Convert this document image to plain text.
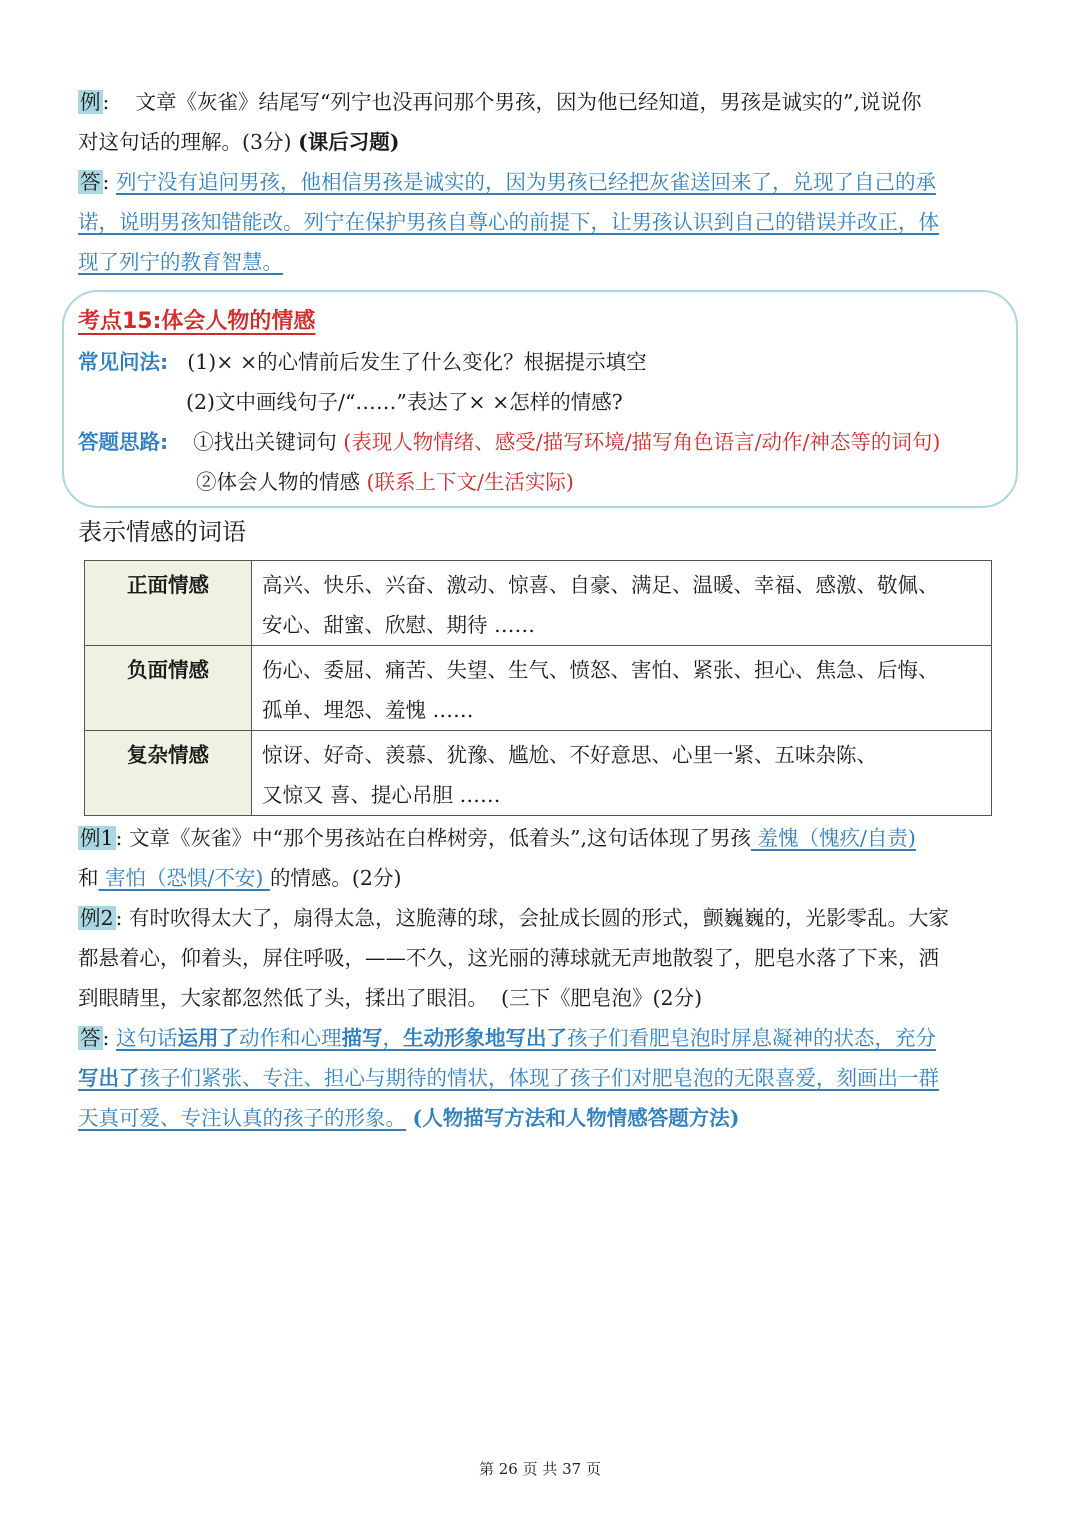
例: 文章《灰雀》结尾写“列宁也没再问那个男孩，因为他已经知道，男孩是诚实的”,说说你
对这句话的理解。(3分) (课后习题)
答: 列宁没有追问男孩，他相信男孩是诚实的，因为男孩已经把灰雀送回来了，兑现了自己的承
诺，说明男孩知错能改。列宁在保护男孩自尊心的前提下，让男孩认识到自己的错误并改正，体
现了列宁的教育智慧。
考点15:体会人物的情感
常见问法: (1)× ×的心情前后发生了什么变化？根据提示填空
(2)文中画线句子/“……”表达了× ×怎样的情感?
答题思路: ①找出关键词句 (表现人物情绪、感受/描写环境/描写角色语言/动作/神态等的词句)
②体会人物的情感 (联系上下文/生活实际)
表示情感的词语
正面情感	高兴、快乐、兴奋、激动、惊喜、自豪、满足、温暖、幸福、感激、敬佩、
安心、甜蜜、欣慰、期待 ……

负面情感	伤心、委屈、痛苦、失望、生气、愤怒、害怕、紧张、担心、焦急、后悔、
孤单、埋怨、羞愧 ……

复杂情感	惊讶、好奇、羡慕、犹豫、尴尬、不好意思、心里一紧、五味杂陈、
又惊又 喜、提心吊胆 ……
例1: 文章《灰雀》中“那个男孩站在白桦树旁，低着头”,这句话体现了男孩 羞愧（愧疚/自责)
和 害怕（恐惧/不安) 的情感。(2分)
例2: 有时吹得太大了，扇得太急，这脆薄的球，会扯成长圆的形式，颤巍巍的，光影零乱。大家
都悬着心，仰着头，屏住呼吸，——不久，这光丽的薄球就无声地散裂了，肥皂水落了下来，洒
到眼睛里，大家都忽然低了头，揉出了眼泪。 (三下《肥皂泡》(2分)
答: 这句话运用了动作和心理描写，生动形象地写出了孩子们看肥皂泡时屏息凝神的状态，充分
写出了孩子们紧张、专注、担心与期待的情状，体现了孩子们对肥皂泡的无限喜爱，刻画出一群
天真可爱、专注认真的孩子的形象。 (人物描写方法和人物情感答题方法)
第 26 页 共 37 页
